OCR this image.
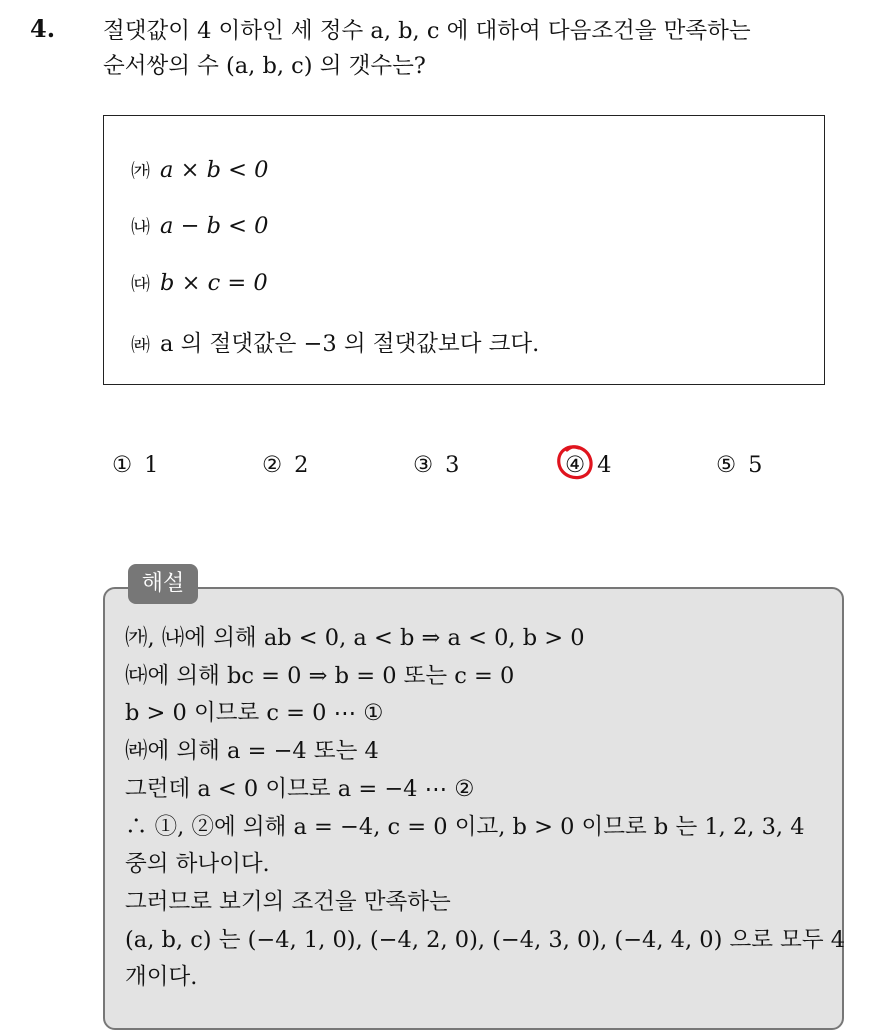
4. 절댓값이 4 이하인 세 정수 a, b, c 에 대하여 다음조건을 만족하는
순서쌍의 수 (a, b, c) 의 갯수는?
㈎ a × b < 0
㈏ a − b < 0
㈐ b × c = 0
㈑ a 의 절댓값은 −3 의 절댓값보다 크다.
① 1	② 2	③ 3	④ 4	⑤ 5
해설
㈎, ㈏에 의해 ab < 0, a < b ⇒ a < 0, b > 0
㈐에 의해 bc = 0 ⇒ b = 0 또는 c = 0
b > 0 이므로 c = 0 ⋯ ①
㈑에 의해 a = −4 또는 4
그런데 a < 0 이므로 a = −4 ⋯ ②
∴ ①, ②에 의해 a = −4, c = 0 이고, b > 0 이므로 b 는 1, 2, 3, 4
중의 하나이다.
그러므로 보기의 조건을 만족하는
(a, b, c) 는 (−4, 1, 0), (−4, 2, 0), (−4, 3, 0), (−4, 4, 0) 으로 모두 4
개이다.
